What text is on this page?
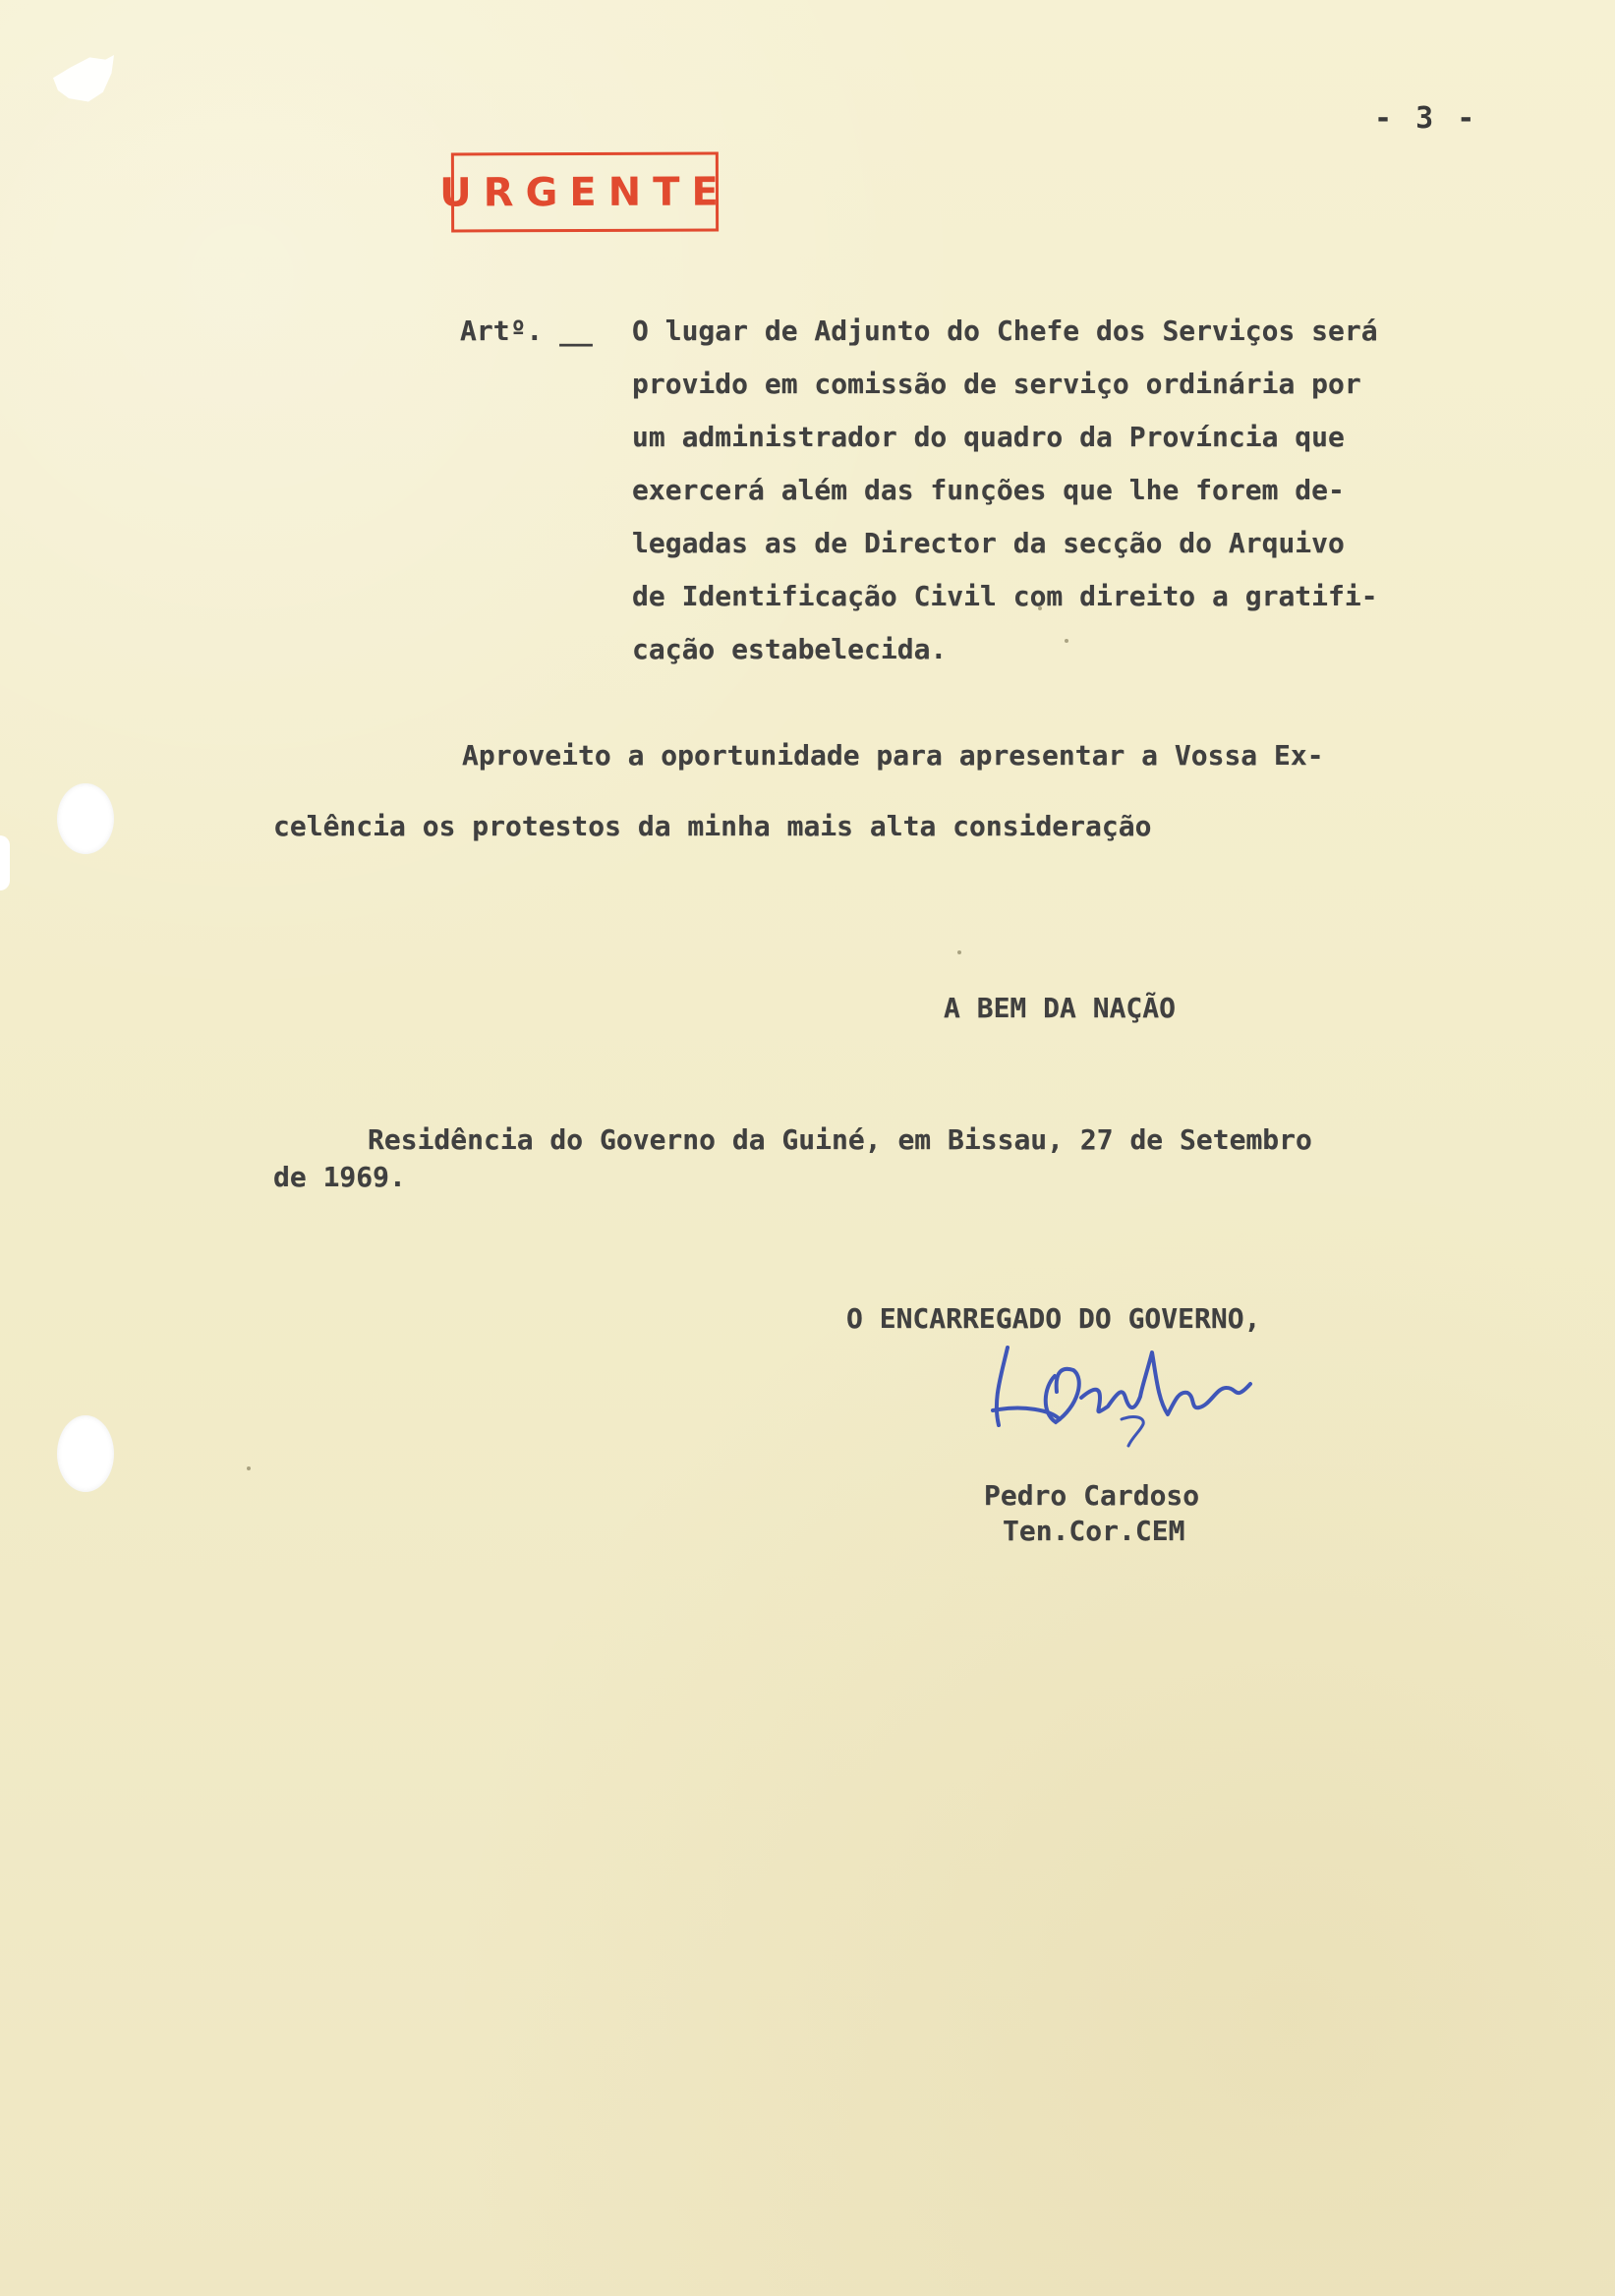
- 3 -
URGENTE
Artº. __ O lugar de Adjunto do Chefe dos Serviços será
provido em comissão de serviço ordinária por
um administrador do quadro da Província que
exercerá além das funções que lhe forem de-
legadas as de Director da secção do Arquivo
de Identificação Civil com direito a gratifi-
cação estabelecida.
Aproveito a oportunidade para apresentar a Vossa Ex-
celência os protestos da minha mais alta consideração
A BEM DA NAÇÃO
Residência do Governo da Guiné, em Bissau, 27 de Setembro
de 1969.
O ENCARREGADO DO GOVERNO,
Pedro Cardoso
Ten.Cor.CEM
